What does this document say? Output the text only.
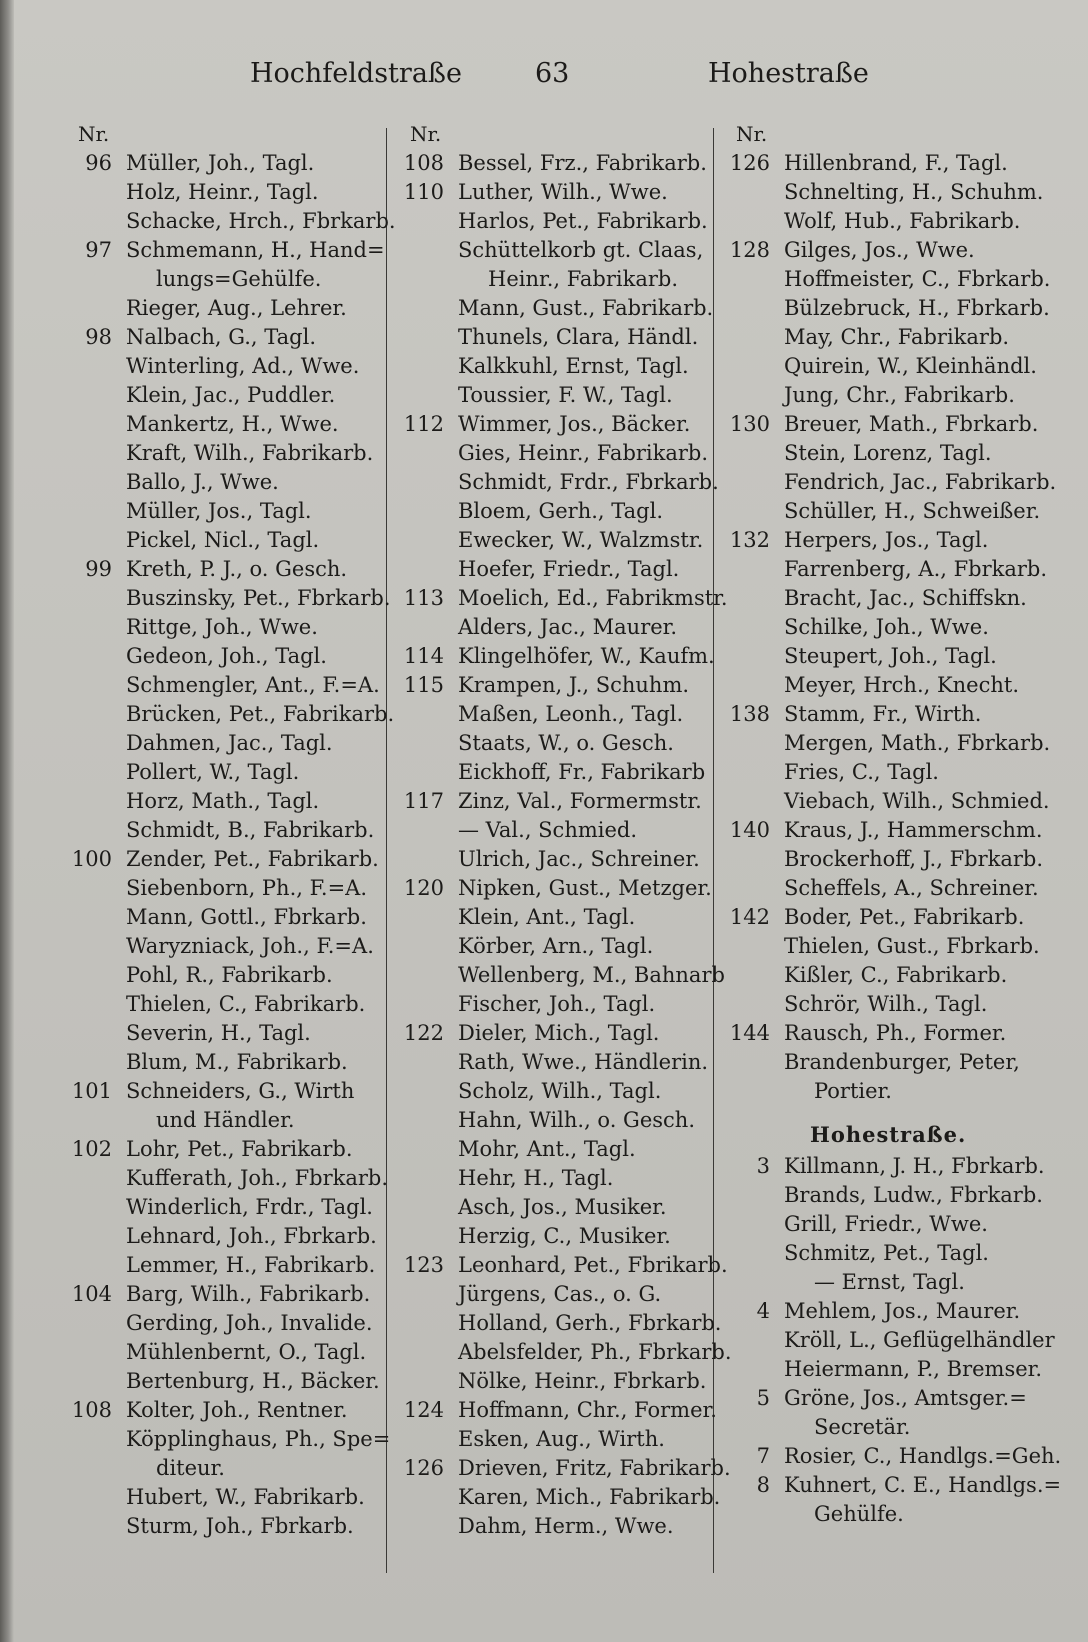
Hochfeldstraße	63	Hohestraße
Nr.
96 Müller, Joh., Tagl.
Holz, Heinr., Tagl.
Schacke, Hrch., Fbrkarb.
97 Schmemann, H., Hand=
lungs=Gehülfe.
Rieger, Aug., Lehrer.
98 Nalbach, G., Tagl.
Winterling, Ad., Wwe.
Klein, Jac., Puddler.
Mankertz, H., Wwe.
Kraft, Wilh., Fabrikarb.
Ballo, J., Wwe.
Müller, Jos., Tagl.
Pickel, Nicl., Tagl.
99 Kreth, P. J., o. Gesch.
Buszinsky, Pet., Fbrkarb.
Rittge, Joh., Wwe.
Gedeon, Joh., Tagl.
Schmengler, Ant., F.=A.
Brücken, Pet., Fabrikarb.
Dahmen, Jac., Tagl.
Pollert, W., Tagl.
Horz, Math., Tagl.
Schmidt, B., Fabrikarb.
100 Zender, Pet., Fabrikarb.
Siebenborn, Ph., F.=A.
Mann, Gottl., Fbrkarb.
Waryzniack, Joh., F.=A.
Pohl, R., Fabrikarb.
Thielen, C., Fabrikarb.
Severin, H., Tagl.
Blum, M., Fabrikarb.
101 Schneiders, G., Wirth
und Händler.
102 Lohr, Pet., Fabrikarb.
Kufferath, Joh., Fbrkarb.
Winderlich, Frdr., Tagl.
Lehnard, Joh., Fbrkarb.
Lemmer, H., Fabrikarb.
104 Barg, Wilh., Fabrikarb.
Gerding, Joh., Invalide.
Mühlenbernt, O., Tagl.
Bertenburg, H., Bäcker.
108 Kolter, Joh., Rentner.
Köpplinghaus, Ph., Spe=
diteur.
Hubert, W., Fabrikarb.
Sturm, Joh., Fbrkarb.
Nr.
108 Bessel, Frz., Fabrikarb.
110 Luther, Wilh., Wwe.
Harlos, Pet., Fabrikarb.
Schüttelkorb gt. Claas,
Heinr., Fabrikarb.
Mann, Gust., Fabrikarb.
Thunels, Clara, Händl.
Kalkkuhl, Ernst, Tagl.
Toussier, F. W., Tagl.
112 Wimmer, Jos., Bäcker.
Gies, Heinr., Fabrikarb.
Schmidt, Frdr., Fbrkarb.
Bloem, Gerh., Tagl.
Ewecker, W., Walzmstr.
Hoefer, Friedr., Tagl.
113 Moelich, Ed., Fabrikmstr.
Alders, Jac., Maurer.
114 Klingelhöfer, W., Kaufm.
115 Krampen, J., Schuhm.
Maßen, Leonh., Tagl.
Staats, W., o. Gesch.
Eickhoff, Fr., Fabrikarb
117 Zinz, Val., Formermstr.
— Val., Schmied.
Ulrich, Jac., Schreiner.
120 Nipken, Gust., Metzger.
Klein, Ant., Tagl.
Körber, Arn., Tagl.
Wellenberg, M., Bahnarb
Fischer, Joh., Tagl.
122 Dieler, Mich., Tagl.
Rath, Wwe., Händlerin.
Scholz, Wilh., Tagl.
Hahn, Wilh., o. Gesch.
Mohr, Ant., Tagl.
Hehr, H., Tagl.
Asch, Jos., Musiker.
Herzig, C., Musiker.
123 Leonhard, Pet., Fbrikarb.
Jürgens, Cas., o. G.
Holland, Gerh., Fbrkarb.
Abelsfelder, Ph., Fbrkarb.
Nölke, Heinr., Fbrkarb.
124 Hoffmann, Chr., Former.
Esken, Aug., Wirth.
126 Drieven, Fritz, Fabrikarb.
Karen, Mich., Fabrikarb.
Dahm, Herm., Wwe.
Nr.
126 Hillenbrand, F., Tagl.
Schnelting, H., Schuhm.
Wolf, Hub., Fabrikarb.
128 Gilges, Jos., Wwe.
Hoffmeister, C., Fbrkarb.
Bülzebruck, H., Fbrkarb.
May, Chr., Fabrikarb.
Quirein, W., Kleinhändl.
Jung, Chr., Fabrikarb.
130 Breuer, Math., Fbrkarb.
Stein, Lorenz, Tagl.
Fendrich, Jac., Fabrikarb.
Schüller, H., Schweißer.
132 Herpers, Jos., Tagl.
Farrenberg, A., Fbrkarb.
Bracht, Jac., Schiffskn.
Schilke, Joh., Wwe.
Steupert, Joh., Tagl.
Meyer, Hrch., Knecht.
138 Stamm, Fr., Wirth.
Mergen, Math., Fbrkarb.
Fries, C., Tagl.
Viebach, Wilh., Schmied.
140 Kraus, J., Hammerschm.
Brockerhoff, J., Fbrkarb.
Scheffels, A., Schreiner.
142 Boder, Pet., Fabrikarb.
Thielen, Gust., Fbrkarb.
Kißler, C., Fabrikarb.
Schrör, Wilh., Tagl.
144 Rausch, Ph., Former.
Brandenburger, Peter,
Portier.
Hohestraße.
3 Killmann, J. H., Fbrkarb.
Brands, Ludw., Fbrkarb.
Grill, Friedr., Wwe.
Schmitz, Pet., Tagl.
— Ernst, Tagl.
4 Mehlem, Jos., Maurer.
Kröll, L., Geflügelhändler
Heiermann, P., Bremser.
5 Gröne, Jos., Amtsger.=
Secretär.
7 Rosier, C., Handlgs.=Geh.
8 Kuhnert, C. E., Handlgs.=
Gehülfe.
